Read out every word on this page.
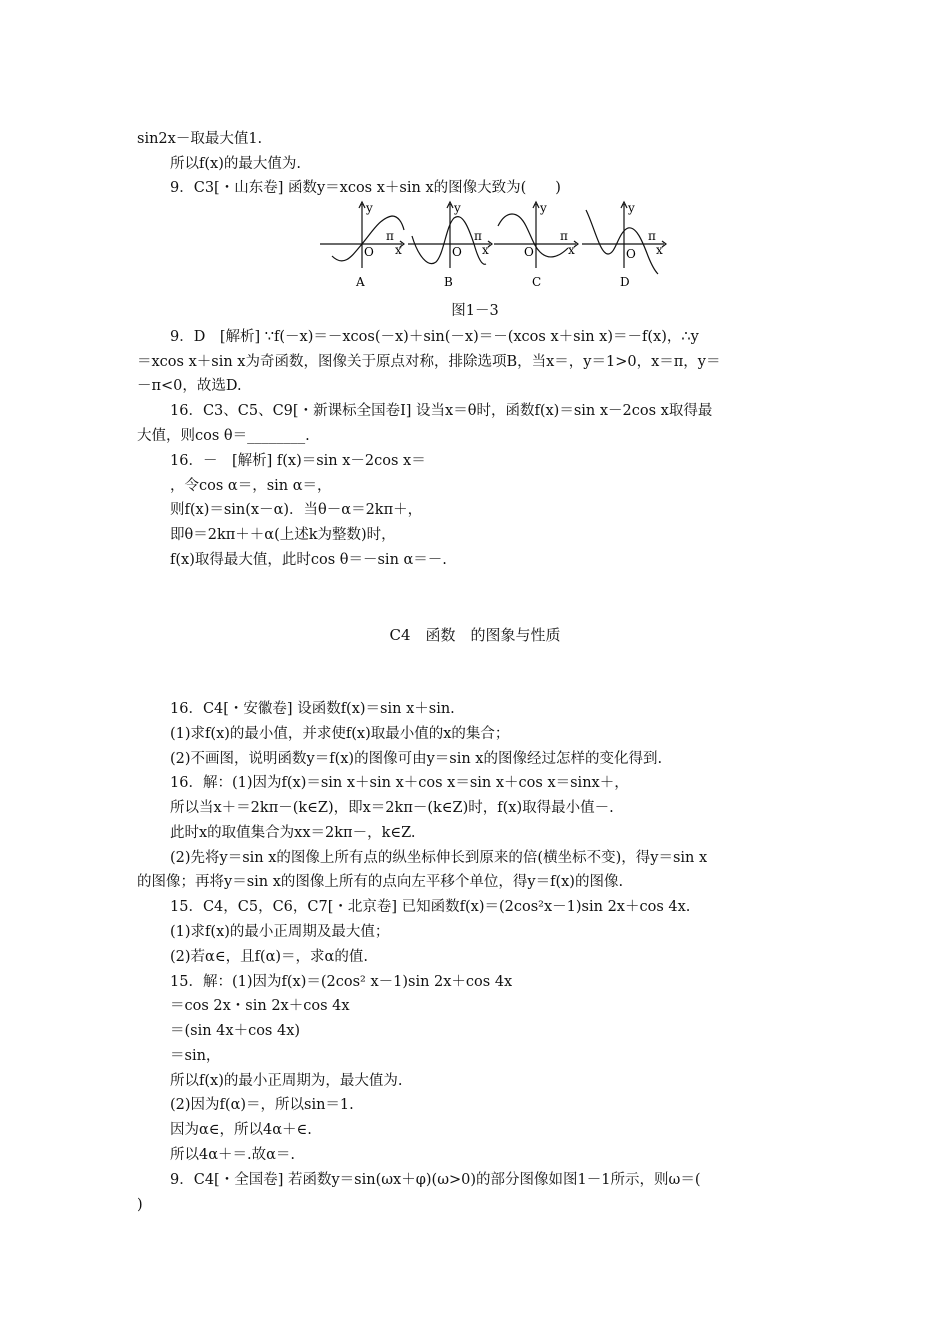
sin2x－取最大值1.
所以f(x)的最大值为.
9．C3[・山东卷] 函数y＝xcos x＋sin x的图像大致为(　　)
y
O
π
x
A
y
O
π
x
B
y
O
π
x
C
y
O
π
x
D
图1－3
9．D　[解析] ∵f(－x)＝－xcos(－x)＋sin(－x)＝－(xcos x＋sin x)＝－f(x)，∴y
＝xcos x＋sin x为奇函数，图像关于原点对称，排除选项B，当x＝，y＝1>0，x＝π，y＝
－π<0，故选D.
16．C3、C5、C9[・新课标全国卷Ⅰ] 设当x＝θ时，函数f(x)＝sin x－2cos x取得最
大值，则cos θ＝________.
16．－　[解析] f(x)＝sin x－2cos x＝
，令cos α＝，sin α＝，
则f(x)＝sin(x－α)．当θ－α＝2kπ＋，
即θ＝2kπ＋＋α(上述k为整数)时，
f(x)取得最大值，此时cos θ＝－sin α＝－.
C4　函数　的图象与性质
16．C4[・安徽卷] 设函数f(x)＝sin x＋sin.
(1)求f(x)的最小值，并求使f(x)取最小值的x的集合；
(2)不画图，说明函数y＝f(x)的图像可由y＝sin x的图像经过怎样的变化得到.
16．解：(1)因为f(x)＝sin x＋sin x＋cos x＝sin x＋cos x＝sinx＋，
所以当x＋＝2kπ－(k∈Z)，即x＝2kπ－(k∈Z)时，f(x)取得最小值－.
此时x的取值集合为xx＝2kπ－，k∈Z.
(2)先将y＝sin x的图像上所有点的纵坐标伸长到原来的倍(横坐标不变)，得y＝sin x
的图像；再将y＝sin x的图像上所有的点向左平移个单位，得y＝f(x)的图像.
15．C4，C5，C6，C7[・北京卷] 已知函数f(x)＝(2cos²x－1)sin 2x＋cos 4x.
(1)求f(x)的最小正周期及最大值；
(2)若α∈，且f(α)＝，求α的值.
15．解：(1)因为f(x)＝(2cos² x－1)sin 2x＋cos 4x
＝cos 2x・sin 2x＋cos 4x
＝(sin 4x＋cos 4x)
＝sin，
所以f(x)的最小正周期为，最大值为.
(2)因为f(α)＝，所以sin＝1.
因为α∈，所以4α＋∈.
所以4α＋＝.故α＝.
9．C4[・全国卷] 若函数y＝sin(ωx＋φ)(ω>0)的部分图像如图1－1所示，则ω＝(
)
